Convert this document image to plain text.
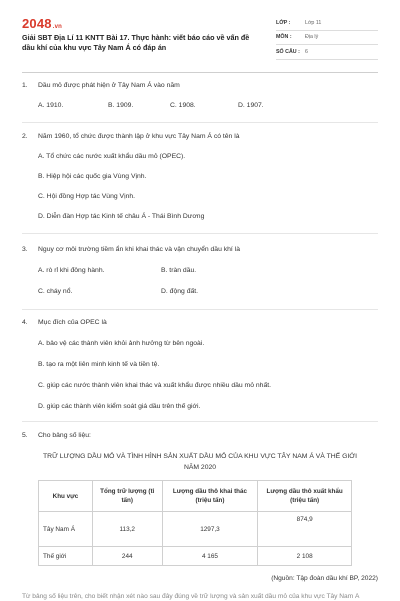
2048.vn
Giải SBT Địa Lí 11 KNTT Bài 17. Thực hành: viết báo cáo về vấn đề dầu khí của khu vực Tây Nam Á có đáp án
LỚP :	Lớp 11
MÔN :	Địa lý
SỐ CÂU : 6
1. Dầu mỏ được phát hiện ở Tây Nam Á vào năm
A. 1910.	B. 1909.	C. 1908.	D. 1907.
2. Năm 1960, tổ chức được thành lập ở khu vực Tây Nam Á có tên là
A. Tổ chức các nước xuất khẩu dầu mỏ (OPEC).
B. Hiệp hội các quốc gia Vùng Vịnh.
C. Hội đồng Hợp tác Vùng Vịnh.
D. Diễn đàn Hợp tác Kinh tế châu Á - Thái Bình Dương
3. Nguy cơ môi trường tiềm ẩn khi khai thác và vận chuyển dầu khí là
A. rò rỉ khi đông hành.	B. tràn dầu.
C. cháy nổ.	D. động đất.
4. Mục đích của OPEC là
A. bảo vệ các thành viên khỏi ảnh hưởng từ bên ngoài.
B. tạo ra một liên minh kinh tế và tiền tệ.
C. giúp các nước thành viên khai thác và xuất khẩu được nhiều dầu mỏ nhất.
D. giúp các thành viên kiểm soát giá dầu trên thế giới.
5. Cho bảng số liệu:
TRỮ LƯỢNG DẦU MỎ VÀ TÌNH HÌNH SẢN XUẤT DẦU MỎ CỦA KHU VỰC TÂY NAM Á VÀ THẾ GIỚI NĂM 2020
Khu vực	Tổng trữ lượng (tỉ tấn)	Lượng dầu thô khai thác (triệu tấn)	Lượng dầu thô xuất khẩu (triệu tấn)
Tây Nam Á	113,2	1297,3	874,9
Thế giới	244	4 165	2 108
(Nguồn: Tập đoàn dầu khí BP, 2022)
Từ bảng số liệu trên, cho biết nhận xét nào sau đây đúng về trữ lượng và sản xuất dầu mỏ của khu vực Tây Nam Á
